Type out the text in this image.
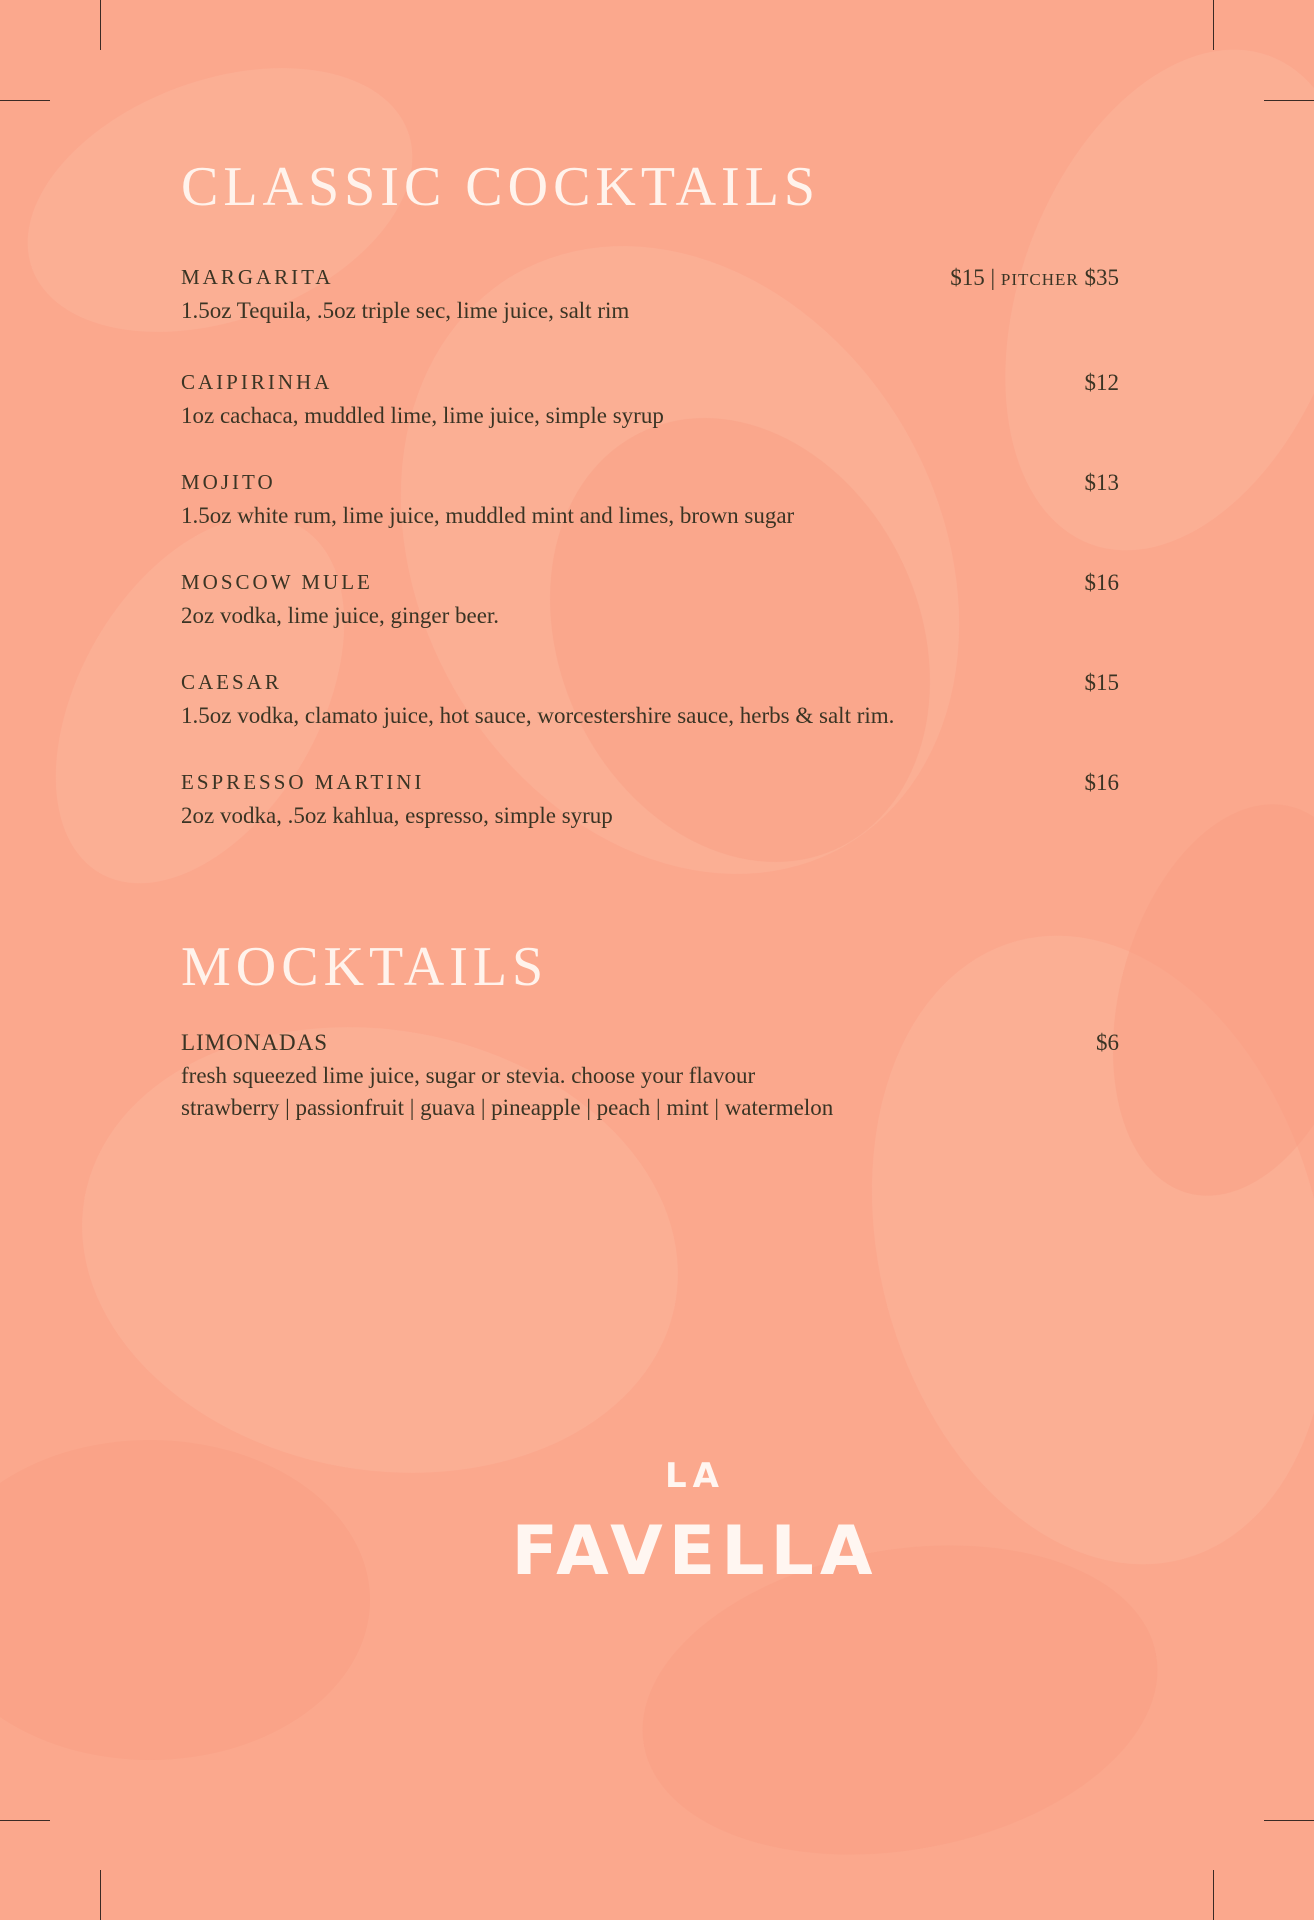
CLASSIC COCKTAILS
MARGARITA	$15 | PITCHER $35
1.5oz Tequila, .5oz triple sec, lime juice, salt rim
CAIPIRINHA	$12
1oz cachaca, muddled lime, lime juice, simple syrup
MOJITO	$13
1.5oz white rum, lime juice, muddled mint and limes, brown sugar
MOSCOW MULE	$16
2oz vodka, lime juice, ginger beer.
CAESAR	$15
1.5oz vodka, clamato juice, hot sauce, worcestershire sauce, herbs & salt rim.
ESPRESSO MARTINI	$16
2oz vodka, .5oz kahlua, espresso, simple syrup
MOCKTAILS
LIMONADAS	$6
fresh squeezed lime juice, sugar or stevia. choose your flavour
strawberry | passionfruit | guava | pineapple | peach | mint | watermelon
LA
FAVELLA
